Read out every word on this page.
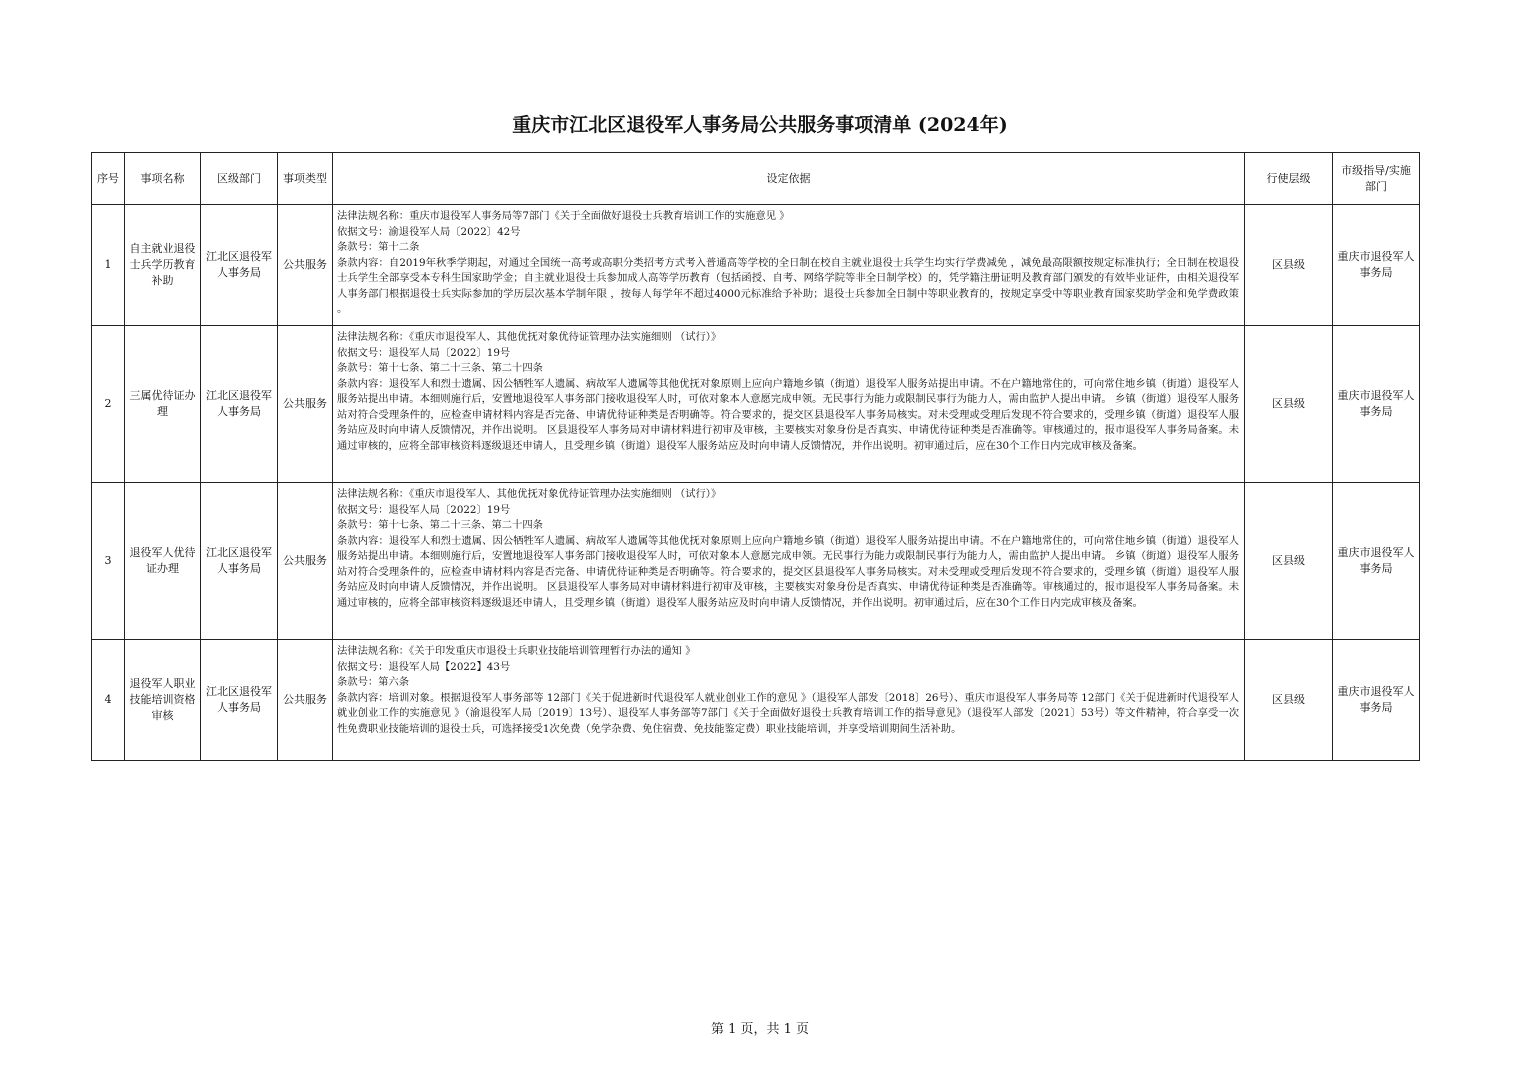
重庆市江北区退役军人事务局公共服务事项清单 (2024年)
序号	事项名称	区级部门	事项类型	设定依据	行使层级	市级指导/实施部门
1	自主就业退役士兵学历教育补助	江北区退役军人事务局	公共服务	法律法规名称：重庆市退役军人事务局等7部门《关于全面做好退役士兵教育培训工作的实施意见 》
依据文号：渝退役军人局〔2022〕42号
条款号：第十二条
条款内容：自2019年秋季学期起，对通过全国统一高考或高职分类招考方式考入普通高等学校的全日制在校自主就业退役士兵学生均实行学费减免 ，减免最高限额按规定标准执行；全日制在校退役士兵学生全部享受本专科生国家助学金；自主就业退役士兵参加成人高等学历教育（包括函授、自考、网络学院等非全日制学校）的，凭学籍注册证明及教育部门颁发的有效毕业证件，由相关退役军人事务部门根据退役士兵实际参加的学历层次基本学制年限 ，按每人每学年不超过4000元标准给予补助；退役士兵参加全日制中等职业教育的，按规定享受中等职业教育国家奖助学金和免学费政策 。	区县级	重庆市退役军人事务局

2	三属优待证办理	江北区退役军人事务局	公共服务	法律法规名称：《重庆市退役军人、其他优抚对象优待证管理办法实施细则 （试行）》
依据文号：退役军人局〔2022〕19号
条款号：第十七条、第二十三条、第二十四条
条款内容：退役军人和烈士遗属、因公牺牲军人遗属、病故军人遗属等其他优抚对象原则上应向户籍地乡镇（街道）退役军人服务站提出申请。不在户籍地常住的，可向常住地乡镇（街道）退役军人服务站提出申请。本细则施行后，安置地退役军人事务部门接收退役军人时，可依对象本人意愿完成申领。无民事行为能力或限制民事行为能力人，需由监护人提出申请。 乡镇（街道）退役军人服务站对符合受理条件的，应检查申请材料内容是否完备、申请优待证种类是否明确等。符合要求的，提交区县退役军人事务局核实。对未受理或受理后发现不符合要求的，受理乡镇（街道）退役军人服务站应及时向申请人反馈情况，并作出说明。 区县退役军人事务局对申请材料进行初审及审核，主要核实对象身份是否真实、申请优待证种类是否准确等。审核通过的，报市退役军人事务局备案。未通过审核的，应将全部审核资料逐级退还申请人，且受理乡镇（街道）退役军人服务站应及时向申请人反馈情况，并作出说明。初审通过后，应在30个工作日内完成审核及备案。	区县级	重庆市退役军人事务局

3	退役军人优待证办理	江北区退役军人事务局	公共服务	法律法规名称：《重庆市退役军人、其他优抚对象优待证管理办法实施细则 （试行）》
依据文号：退役军人局〔2022〕19号
条款号：第十七条、第二十三条、第二十四条
条款内容：退役军人和烈士遗属、因公牺牲军人遗属、病故军人遗属等其他优抚对象原则上应向户籍地乡镇（街道）退役军人服务站提出申请。不在户籍地常住的，可向常住地乡镇（街道）退役军人服务站提出申请。本细则施行后，安置地退役军人事务部门接收退役军人时，可依对象本人意愿完成申领。无民事行为能力或限制民事行为能力人，需由监护人提出申请。 乡镇（街道）退役军人服务站对符合受理条件的，应检查申请材料内容是否完备、申请优待证种类是否明确等。符合要求的，提交区县退役军人事务局核实。对未受理或受理后发现不符合要求的，受理乡镇（街道）退役军人服务站应及时向申请人反馈情况，并作出说明。 区县退役军人事务局对申请材料进行初审及审核，主要核实对象身份是否真实、申请优待证种类是否准确等。审核通过的，报市退役军人事务局备案。未通过审核的，应将全部审核资料逐级退还申请人，且受理乡镇（街道）退役军人服务站应及时向申请人反馈情况，并作出说明。初审通过后，应在30个工作日内完成审核及备案。	区县级	重庆市退役军人事务局

4	退役军人职业技能培训资格审核	江北区退役军人事务局	公共服务	法律法规名称：《关于印发重庆市退役士兵职业技能培训管理暂行办法的通知 》
依据文号：退役军人局【2022】43号
条款号：第六条
条款内容：培训对象。根据退役军人事务部等 12部门《关于促进新时代退役军人就业创业工作的意见 》（退役军人部发〔2018〕26号）、重庆市退役军人事务局等 12部门《关于促进新时代退役军人就业创业工作的实施意见 》（渝退役军人局〔2019〕13号）、退役军人事务部等7部门《关于全面做好退役士兵教育培训工作的指导意见》（退役军人部发〔2021〕53号）等文件精神，符合享受一次性免费职业技能培训的退役士兵，可选择接受1次免费（免学杂费、免住宿费、免技能鉴定费）职业技能培训，并享受培训期间生活补助。	区县级	重庆市退役军人事务局
第 1 页，共 1 页
